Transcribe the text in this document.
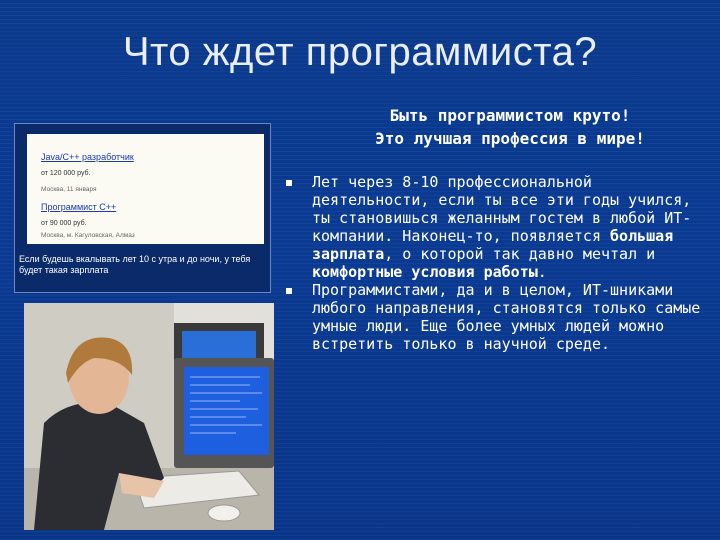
Что ждет программиста?
Быть программистом круто!
Это лучшая профессия в мире!
Java/C++ разработчик
от 120 000 руб.
Москва, 11 января
Программист С++
от 90 000 руб.
Москва, м. Кагуловская, Алмаз
Если будешь вкалывать лет 10 с утра и до ночи, у тебя будет такая зарплата
Лет через 8-10 профессиональной деятельности, если ты все эти годы учился, ты становишься желанным гостем в любой ИТ-компании. Наконец-то, появляется большая зарплата, о которой так давно мечтал и комфортные условия работы.
Программистами, да и в целом, ИТ-шниками любого направления, становятся только самые умные люди. Еще более умных людей можно встретить только в научной среде.
